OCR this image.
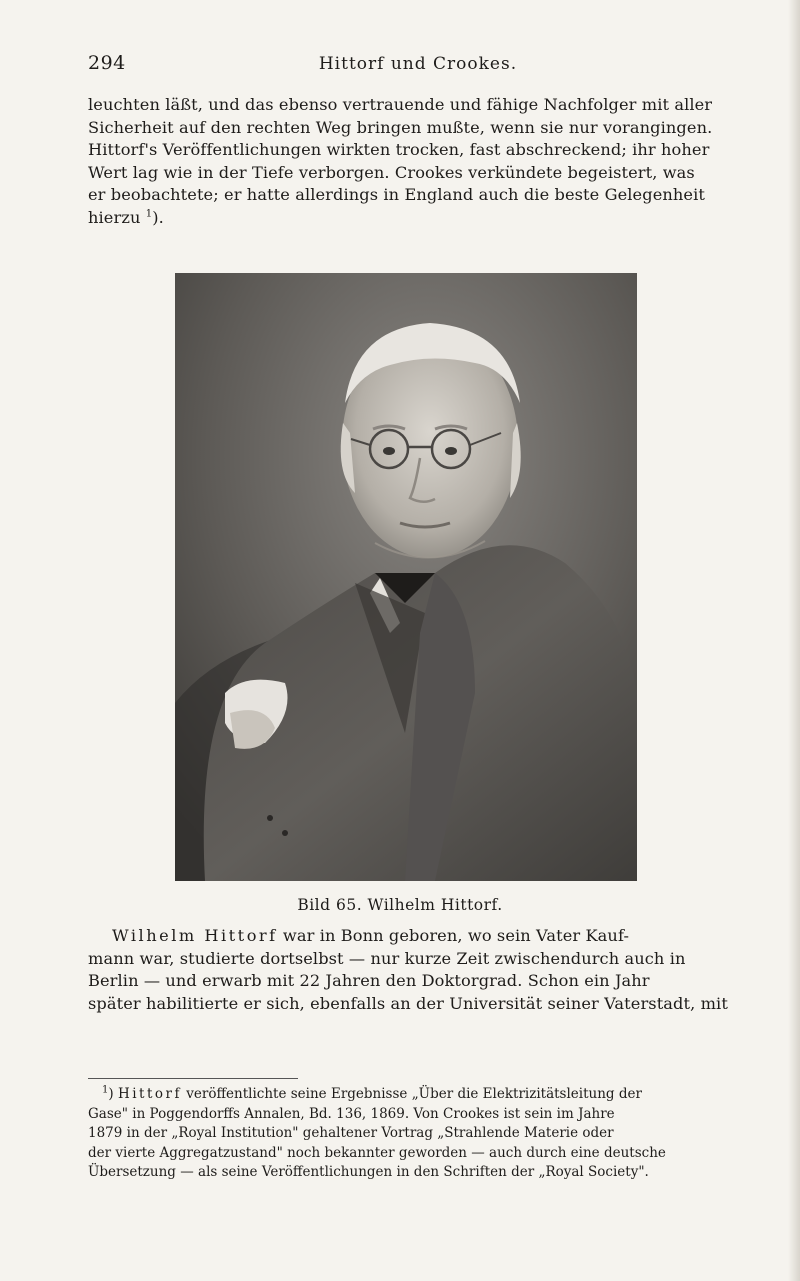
294	Hittorf und Crookes.
leuchten läßt, und das ebenso vertrauende und fähige Nachfolger mit aller
Sicherheit auf den rechten Weg bringen mußte, wenn sie nur vorangingen.
Hittorf's Veröffentlichungen wirkten trocken, fast abschreckend; ihr hoher
Wert lag wie in der Tiefe verborgen. Crookes verkündete begeistert, was
er beobachtete; er hatte allerdings in England auch die beste Gelegenheit
hierzu $^1$).
Bild 65. Wilhelm Hittorf.
Wilhelm Hittorf war in Bonn geboren, wo sein Vater Kauf-
mann war, studierte dortselbst — nur kurze Zeit zwischendurch auch in
Berlin — und erwarb mit 22 Jahren den Doktorgrad. Schon ein Jahr
später habilitierte er sich, ebenfalls an der Universität seiner Vaterstadt, mit
$^1$) Hittorf veröffentlichte seine Ergebnisse „Über die Elektrizitätsleitung der
Gase" in Poggendorffs Annalen, Bd. 136, 1869. Von Crookes ist sein im Jahre
1879 in der „Royal Institution" gehaltener Vortrag „Strahlende Materie oder
der vierte Aggregatzustand" noch bekannter geworden — auch durch eine deutsche
Übersetzung — als seine Veröffentlichungen in den Schriften der „Royal Society".
